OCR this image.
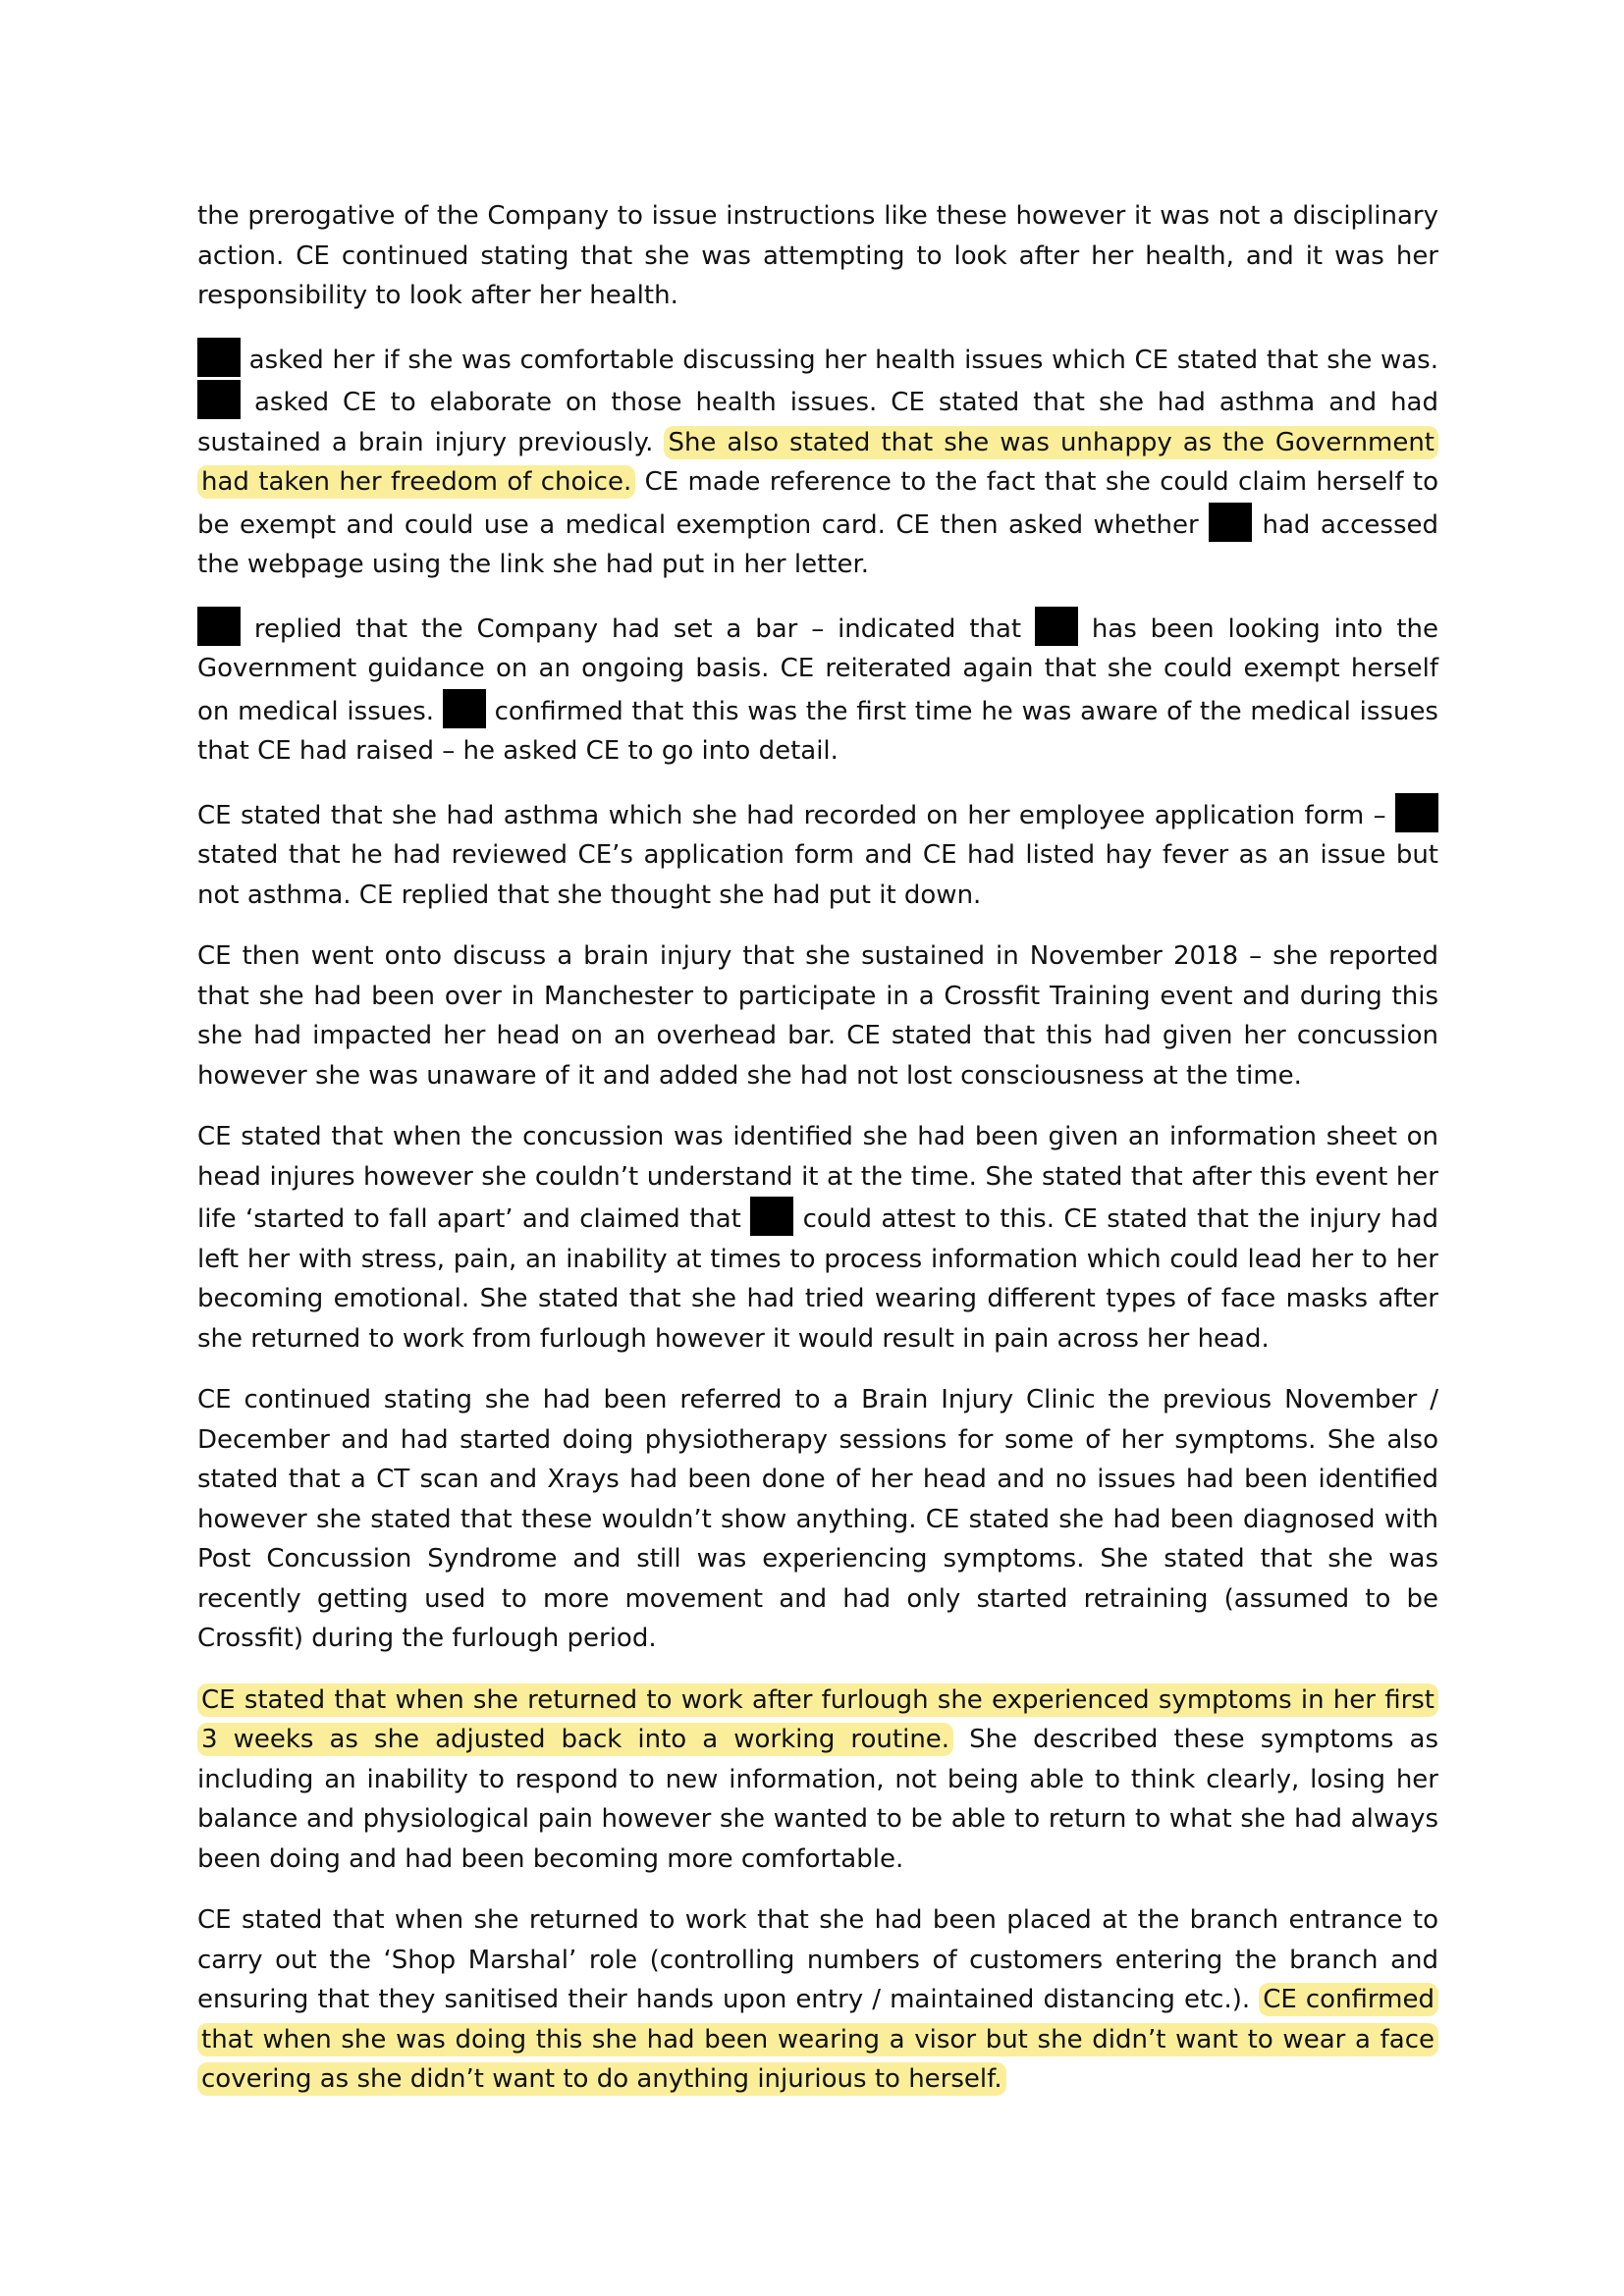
the prerogative of the Company to issue instructions like these however it was not a disciplinary action. CE continued stating that she was attempting to look after her health, and it was her responsibility to look after her health.

asked her if she was comfortable discussing her health issues which CE stated that she was.  asked CE to elaborate on those health issues. CE stated that she had asthma and had sustained a brain injury previously. She also stated that she was unhappy as the Government had taken her freedom of choice. CE made reference to the fact that she could claim herself to be exempt and could use a medical exemption card. CE then asked whether  had accessed the webpage using the link she had put in her letter.

replied that the Company had set a bar – indicated that  has been looking into the Government guidance on an ongoing basis. CE reiterated again that she could exempt herself on medical issues.  confirmed that this was the first time he was aware of the medical issues that CE had raised – he asked CE to go into detail.

CE stated that she had asthma which she had recorded on her employee application form –  stated that he had reviewed CE’s application form and CE had listed hay fever as an issue but not asthma. CE replied that she thought she had put it down.

CE then went onto discuss a brain injury that she sustained in November 2018 – she reported that she had been over in Manchester to participate in a Crossfit Training event and during this she had impacted her head on an overhead bar. CE stated that this had given her concussion however she was unaware of it and added she had not lost consciousness at the time.

CE stated that when the concussion was identified she had been given an information sheet on head injures however she couldn’t understand it at the time. She stated that after this event her life ‘started to fall apart’ and claimed that  could attest to this. CE stated that the injury had left her with stress, pain, an inability at times to process information which could lead her to her becoming emotional. She stated that she had tried wearing different types of face masks after she returned to work from furlough however it would result in pain across her head.

CE continued stating she had been referred to a Brain Injury Clinic the previous November / December and had started doing physiotherapy sessions for some of her symptoms. She also stated that a CT scan and Xrays had been done of her head and no issues had been identified however she stated that these wouldn’t show anything. CE stated she had been diagnosed with Post Concussion Syndrome and still was experiencing symptoms. She stated that she was recently getting used to more movement and had only started retraining (assumed to be Crossfit) during the furlough period.

CE stated that when she returned to work after furlough she experienced symptoms in her first 3 weeks as she adjusted back into a working routine. She described these symptoms as including an inability to respond to new information, not being able to think clearly, losing her balance and physiological pain however she wanted to be able to return to what she had always been doing and had been becoming more comfortable.

CE stated that when she returned to work that she had been placed at the branch entrance to carry out the ‘Shop Marshal’ role (controlling numbers of customers entering the branch and ensuring that they sanitised their hands upon entry / maintained distancing etc.). CE confirmed that when she was doing this she had been wearing a visor but she didn’t want to wear a face covering as she didn’t want to do anything injurious to herself.
